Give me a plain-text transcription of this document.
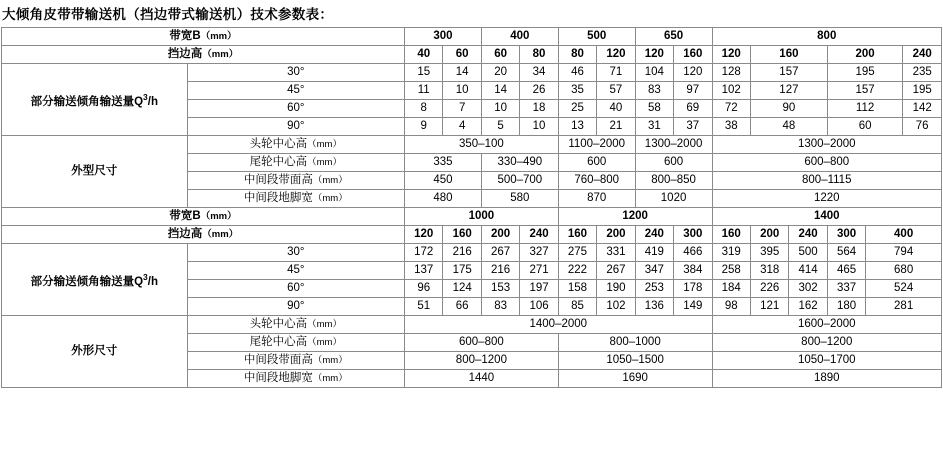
大倾角皮带带输送机（挡边带式输送机）技术参数表：
带宽B（mm）		300		400		500		650		800					
挡边高（mm）		40	60	60	80	80	120	120	160	120	160		200		240
部分输送倾角输送量$Q^3/h$	30°	15	14	20	34	46	71	104	120	128	157		195		235
	45°	11	10	14	26	35	57	83	97	102	127		157		195
	60°	8	7	10	18	25	40	58	69	72	90		112		142
	90°	9	4	5	10	13	21	31	37	38	48		60		76
外型尺寸	头轮中心高（mm）	350–100				1100–2000		1300–2000		1300–2000					
	尾轮中心高（mm）	335		330–490		600		600		600–800					
	中间段带面高（mm）	450		500–700		760–800		800–850		800–1115					
	中间段地脚宽（mm）	480		580		870		1020		1220					
带宽B（mm）		1000				1200				1400					
挡边高（mm）		120	160	200	240	160	200	240	300	160	200	240	300	400	
部分输送倾角输送量$Q^3/h$	30°	172	216	267	327	275	331	419	466	319	395	500	564	794	
	45°	137	175	216	271	222	267	347	384	258	318	414	465	680	
	60°	96	124	153	197	158	190	253	178	184	226	302	337	524	
	90°	51	66	83	106	85	102	136	149	98	121	162	180	281	
外形尺寸	头轮中心高（mm）	1400–2000								1600–2000					
	尾轮中心高（mm）	600–800				800–1000				800–1200					
	中间段带面高（mm）	800–1200				1050–1500				1050–1700					
	中间段地脚宽（mm）	1440				1690				1890					
